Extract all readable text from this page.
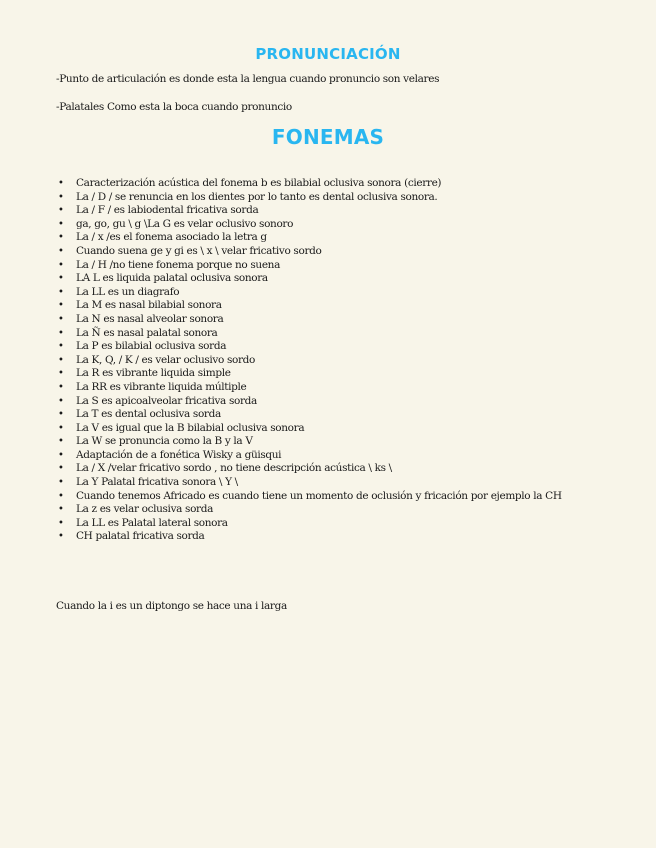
PRONUNCIACIÓN

-Punto de articulación es donde esta la lengua cuando pronuncio son velares

-Palatales Como esta la boca cuando pronuncio

FONEMAS
• Caracterización acústica del fonema b es bilabial oclusiva sonora (cierre)
• La / D / se renuncia en los dientes por lo tanto es dental oclusiva sonora.
• La / F / es labiodental fricativa sorda
• ga, go, gu \ g \La G es velar oclusivo sonoro
• La / x /es el fonema asociado la letra g
• Cuando suena ge y gi es \ x \ velar fricativo sordo
• La / H /no tiene fonema porque no suena
• LA L es liquida palatal oclusiva sonora
• La LL es un diagrafo
• La M es nasal bilabial sonora
• La N es nasal alveolar sonora
• La Ñ es nasal palatal sonora
• La P es bilabial oclusiva sorda
• La K, Q, / K / es velar oclusivo sordo
• La R es vibrante liquida simple
• La RR es vibrante liquida múltiple
• La S es apicoalveolar fricativa sorda
• La T es dental oclusiva sorda
• La V es igual que la B bilabial oclusiva sonora
• La W se pronuncia como la B y la V
• Adaptación de a fonética Wisky a güisqui
• La / X /velar fricativo sordo , no tiene descripción acústica \ ks \
• La Y Palatal fricativa sonora \ Y \
• Cuando tenemos Africado es cuando tiene un momento de oclusión y fricación por ejemplo la CH
• La z es velar oclusiva sorda
• La LL es Palatal lateral sonora
• CH palatal fricativa sorda

Cuando la i es un diptongo se hace una i larga
